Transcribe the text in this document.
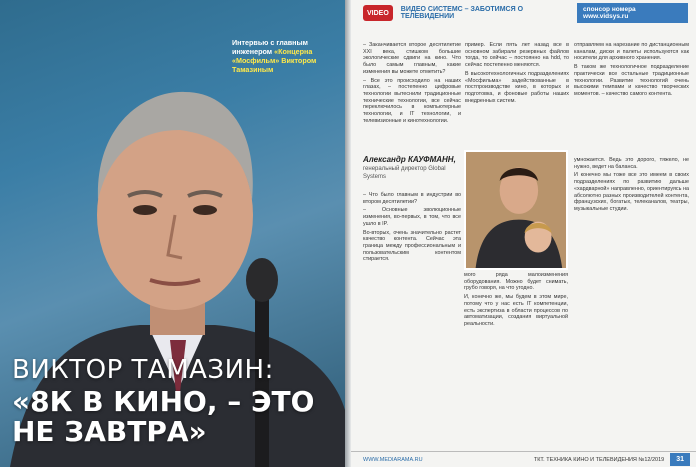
Интервью с главным инженером «Концерна «Мосфильм» Виктором Тамазиным
ВИКТОР ТАМАЗИН:
«8К В КИНО, – ЭТО НЕ ЗАВТРА»
VIDEO	ВИДЕО СИСТЕМС – ЗАБОТИМСЯ О ТЕЛЕВИДЕНИИ
спонсор номера www.vidsys.ru

– Заканчивается второе десятилетие XXI века, стишком большие экологические сдвиги на кино. Что было самым главным, какие изменения вы можете отметить?

– Все это происходило на наших глазах, – постепенно цифровые технологии вытеснили традиционные технические технологии, все сейчас переключилось в компьютерные технологии, и IT технологии, и телевизионные и кинотехнологии.

пример. Если пять лет назад все в основном забирали резервных файлов тогда, то сейчас – постоянно на hdd, то сейчас постепенно меняются.

В высокотехнологичных подразделениях «Мосфильма» задействованные в постпроизводстве кино, в которых и подготовка, и фоновые работы наших внедренных систем.

отправляем на нарезание по дистанционным каналам, диски и палеты используются как носители для архивного хранения.

В таком же технологичное подразделение практически все остальные традиционные технологии. Развитие технологий очень высокими темпами и качество творческих моментов. – качество самого контента.

Александр КАУФМАНН,
генеральный директор Global Systems

– Что было главным в индустрии во втором десятилетии?

– Основные эволюционные изменения, во-первых, в том, что все ушло в IP.

Во-вторых, очень значительно растет качество контента. Сейчас эта граница между профессиональным и пользовательским контентом стирается.

мого ряда малоизменения оборудования. Можно будет снимать, грубо говоря, на что угодно.

И, конечно же, мы будем в этом мире, потому что у нас есть IT компетенции, есть экспертиза в области процессов по автоматизации, создания виртуальной реальности.

умножается. Ведь это дорого, тяжело, не нужно, ведет на баланса.

И конечно мы тоже все это имеем в своих подразделениях по развитию дальше «хардварной» направленно, ориентируясь на абсолютно разных производителей контента, французских, богатых, телеканалов, театры, музыкальные студии.

WWW.MEDIARAMA.RU	ТКТ. ТЕХНИКА КИНО И ТЕЛЕВИДЕНИЯ №12/2019	31
